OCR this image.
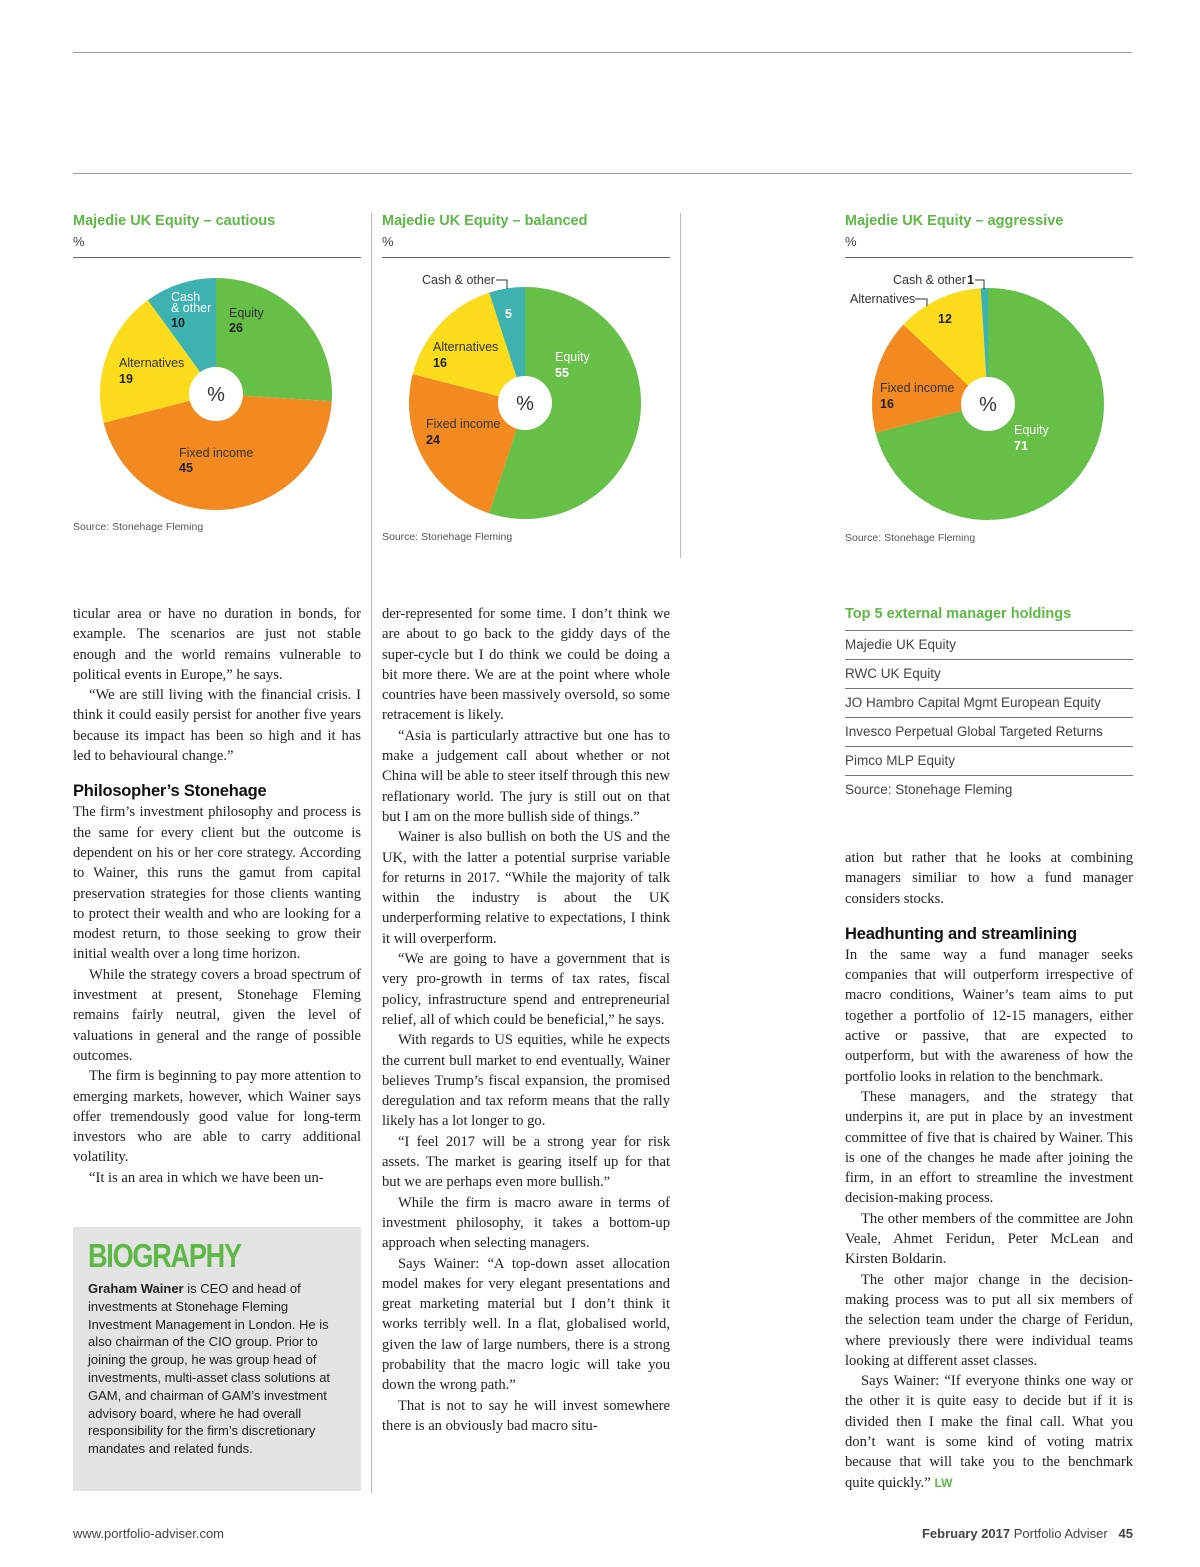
Majedie UK Equity – cautious
%
Equity
26
Fixed income
45
Alternatives
19
Cash
& other
10
%
Source: Stonehage Fleming
Majedie UK Equity – balanced
%
Equity
55
Fixed income
24
Alternatives
16
Cash & other
5
%
Source: Stonehage Fleming
Majedie UK Equity – aggressive
%
Equity
71
Fixed income
16
Alternatives
12
Cash & other 1
%
Source: Stonehage Fleming

ticular area or have no duration in bonds, for example. The scenarios are just not stable enough and the world remains vulnerable to political events in Europe,” he says.

“We are still living with the financial crisis. I think it could easily persist for another five years because its impact has been so high and it has led to behavioural change.”

Philosopher’s Stonehage

The firm’s investment philosophy and process is the same for every client but the outcome is dependent on his or her core strategy. According to Wainer, this runs the gamut from capital preservation strategies for those clients wanting to protect their wealth and who are looking for a modest return, to those seeking to grow their initial wealth over a long time horizon.

While the strategy covers a broad spectrum of investment at present, Stonehage Fleming remains fairly neutral, given the level of valuations in general and the range of possible outcomes.

The firm is beginning to pay more attention to emerging markets, however, which Wainer says offer tremendously good value for long-term investors who are able to carry additional volatility.

“It is an area in which we have been un-

BIOGRAPHY
Graham Wainer is CEO and head of investments at Stonehage Fleming Investment Management in London. He is also chairman of the CIO group. Prior to joining the group, he was group head of investments, multi-asset class solutions at GAM, and chairman of GAM’s investment advisory board, where he had overall responsibility for the firm’s discretionary mandates and related funds.

der-represented for some time. I don’t think we are about to go back to the giddy days of the super-cycle but I do think we could be doing a bit more there. We are at the point where whole countries have been massively oversold, so some retracement is likely.

“Asia is particularly attractive but one has to make a judgement call about whether or not China will be able to steer itself through this new reflationary world. The jury is still out on that but I am on the more bullish side of things.”

Wainer is also bullish on both the US and the UK, with the latter a potential surprise variable for returns in 2017. “While the majority of talk within the industry is about the UK underperforming relative to expectations, I think it will overperform.

“We are going to have a government that is very pro-growth in terms of tax rates, fiscal policy, infrastructure spend and entrepreneurial relief, all of which could be beneficial,” he says.

With regards to US equities, while he expects the current bull market to end eventually, Wainer believes Trump’s fiscal expansion, the promised deregulation and tax reform means that the rally likely has a lot longer to go.

“I feel 2017 will be a strong year for risk assets. The market is gearing itself up for that but we are perhaps even more bullish.”

While the firm is macro aware in terms of investment philosophy, it takes a bottom-up approach when selecting managers.

Says Wainer: “A top-down asset allocation model makes for very elegant presentations and great marketing material but I don’t think it works terribly well. In a flat, globalised world, given the law of large numbers, there is a strong probability that the macro logic will take you down the wrong path.”

That is not to say he will invest somewhere there is an obviously bad macro situ-

Top 5 external manager holdings
Majedie UK Equity
RWC UK Equity
JO Hambro Capital Mgmt European Equity
Invesco Perpetual Global Targeted Returns
Pimco MLP Equity
Source: Stonehage Fleming

ation but rather that he looks at combining managers similiar to how a fund manager considers stocks.

Headhunting and streamlining

In the same way a fund manager seeks companies that will outperform irrespective of macro conditions, Wainer’s team aims to put together a portfolio of 12-15 managers, either active or passive, that are expected to outperform, but with the awareness of how the portfolio looks in relation to the benchmark.

These managers, and the strategy that underpins it, are put in place by an investment committee of five that is chaired by Wainer. This is one of the changes he made after joining the firm, in an effort to streamline the investment decision-making process.

The other members of the committee are John Veale, Ahmet Feridun, Peter McLean and Kirsten Boldarin.

The other major change in the decision-making process was to put all six members of the selection team under the charge of Feridun, where previously there were individual teams looking at different asset classes.

Says Wainer: “If everyone thinks one way or the other it is quite easy to decide but if it is divided then I make the final call. What you don’t want is some kind of voting matrix because that will take you to the benchmark quite quickly.” LW

www.portfolio-adviser.com	February 2017 Portfolio Adviser 45
